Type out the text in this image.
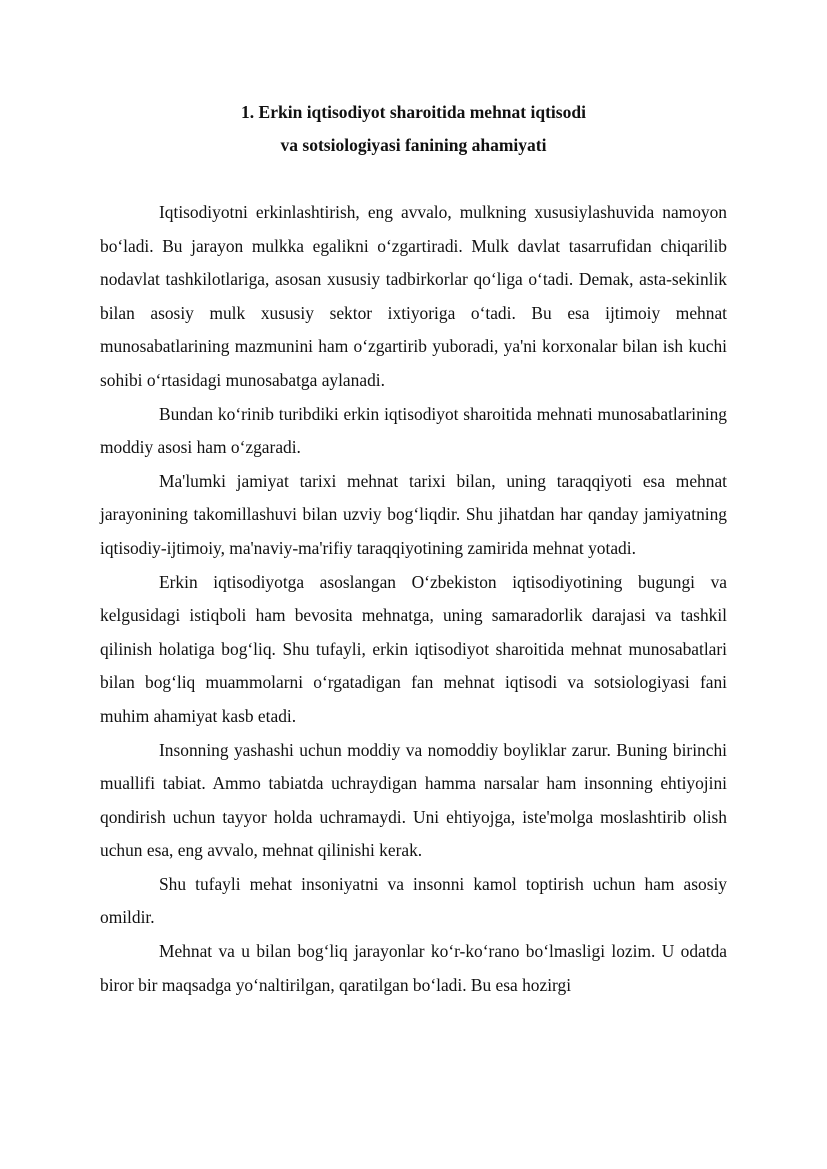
1. Erkin iqtisodiyot sharoitida mehnat iqtisodi
va sotsiologiyasi fanining ahamiyati

Iqtisodiyotni erkinlashtirish, eng avvalo, mulkning xususiylashuvida namoyon bo‘ladi. Bu jarayon mulkka egalikni o‘zgartiradi. Mulk davlat tasarrufidan chiqarilib nodavlat tashkilotlariga, asosan xususiy tadbirkorlar qo‘liga o‘tadi. Demak, asta-sekinlik bilan asosiy mulk xususiy sektor ixtiyoriga o‘tadi. Bu esa ijtimoiy mehnat munosabatlarining mazmunini ham o‘zgartirib yuboradi, ya'ni korxonalar bilan ish kuchi sohibi o‘rtasidagi munosabatga aylanadi.

Bundan ko‘rinib turibdiki erkin iqtisodiyot sharoitida mehnati munosabatlarining moddiy asosi ham o‘zgaradi.

Ma'lumki jamiyat tarixi mehnat tarixi bilan, uning taraqqiyoti esa mehnat jarayonining takomillashuvi bilan uzviy bog‘liqdir. Shu jihatdan har qanday jamiyatning iqtisodiy-ijtimoiy, ma'naviy-ma'rifiy taraqqiyotining zamirida mehnat yotadi.

Erkin iqtisodiyotga asoslangan O‘zbekiston iqtisodiyotining bugungi va kelgusidagi istiqboli ham bevosita mehnatga, uning samaradorlik darajasi va tashkil qilinish holatiga bog‘liq. Shu tufayli, erkin iqtisodiyot sharoitida mehnat munosabatlari bilan bog‘liq muammolarni o‘rgatadigan fan mehnat iqtisodi va sotsiologiyasi fani muhim ahamiyat kasb etadi.

Insonning yashashi uchun moddiy va nomoddiy boyliklar zarur. Buning birinchi muallifi tabiat. Ammo tabiatda uchraydigan hamma narsalar ham insonning ehtiyojini qondirish uchun tayyor holda uchramaydi. Uni ehtiyojga, iste'molga moslashtirib olish uchun esa, eng avvalo, mehnat qilinishi kerak.

Shu tufayli mehat insoniyatni va insonni kamol toptirish uchun ham asosiy omildir.

Mehnat va u bilan bog‘liq jarayonlar ko‘r-ko‘rano bo‘lmasligi lozim. U odatda biror bir maqsadga yo‘naltirilgan, qaratilgan bo‘ladi. Bu esa hozirgi
